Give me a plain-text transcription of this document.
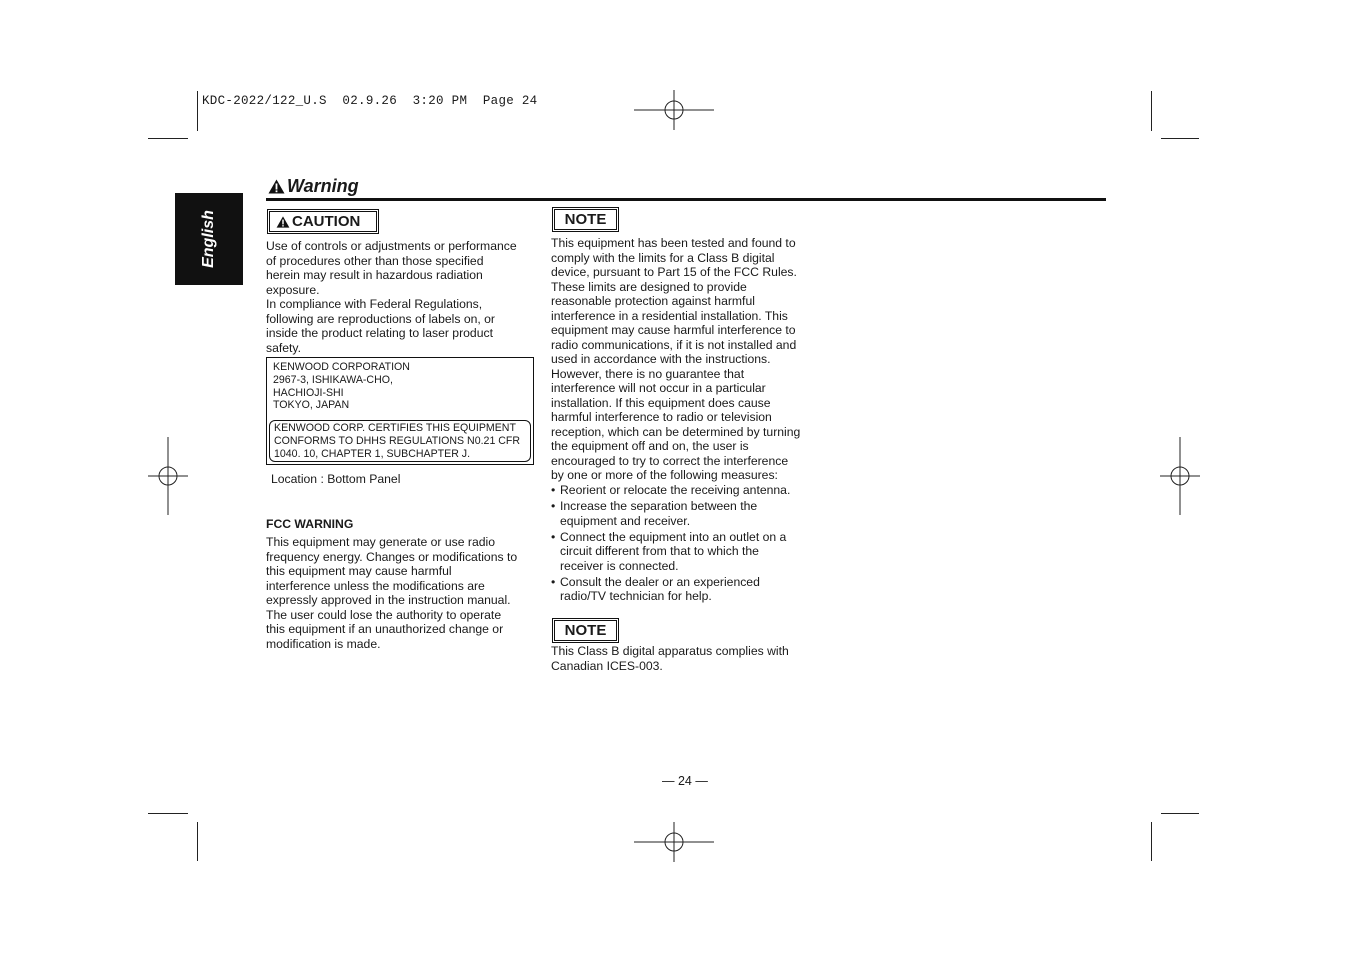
KDC-2022/122_U.S  02.9.26  3:20 PM  Page 24
English
Warning
CAUTION
Use of controls or adjustments or performance
of procedures other than those specified
herein may result in hazardous radiation
exposure.
In compliance with Federal Regulations,
following are reproductions of labels on, or
inside the product relating to laser product
safety.
KENWOOD CORPORATION
2967-3, ISHIKAWA-CHO,
HACHIOJI-SHI
TOKYO, JAPAN
KENWOOD CORP. CERTIFIES THIS EQUIPMENT
CONFORMS TO DHHS REGULATIONS N0.21 CFR
1040. 10, CHAPTER 1, SUBCHAPTER J.
Location : Bottom Panel
FCC WARNING
This equipment may generate or use radio
frequency energy. Changes or modifications to
this equipment may cause harmful
interference unless the modifications are
expressly approved in the instruction manual.
The user could lose the authority to operate
this equipment if an unauthorized change or
modification is made.
NOTE
This equipment has been tested and found to
comply with the limits for a Class B digital
device, pursuant to Part 15 of the FCC Rules.
These limits are designed to provide
reasonable protection against harmful
interference in a residential installation. This
equipment may cause harmful interference to
radio communications, if it is not installed and
used in accordance with the instructions.
However, there is no guarantee that
interference will not occur in a particular
installation. If this equipment does cause
harmful interference to radio or television
reception, which can be determined by turning
the equipment off and on, the user is
encouraged to try to correct the interference
by one or more of the following measures:
• Reorient or relocate the receiving antenna.
• Increase the separation between the
equipment and receiver.
• Connect the equipment into an outlet on a
circuit different from that to which the
receiver is connected.
• Consult the dealer or an experienced
radio/TV technician for help.
NOTE
This Class B digital apparatus complies with
Canadian ICES-003.
— 24 —
